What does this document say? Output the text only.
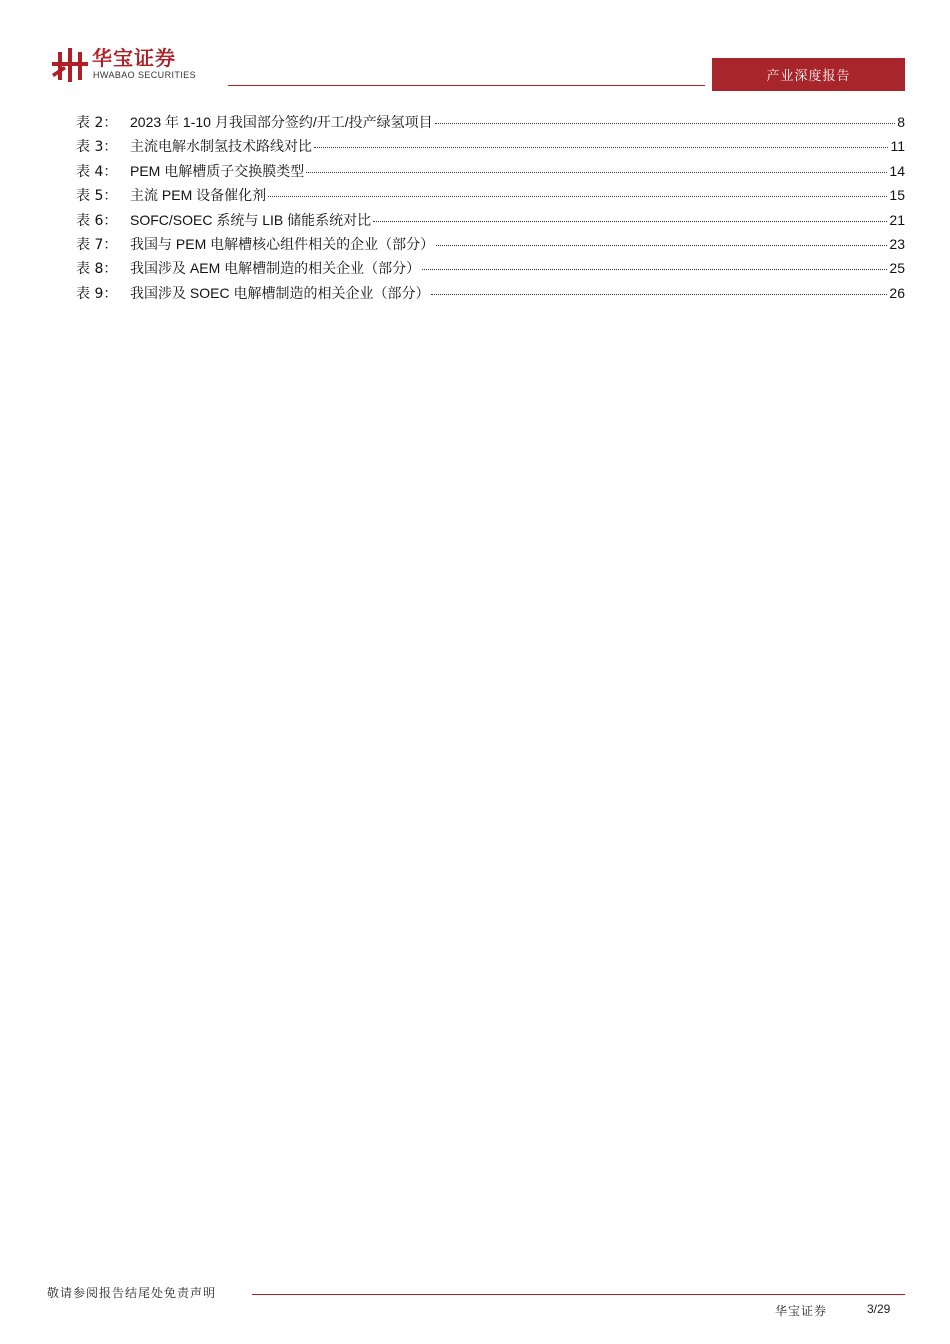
华宝证券
HWABAO SECURITIES	产业深度报告
表 2： 2023 年 1-10 月我国部分签约/开工/投产绿氢项目	8
表 3： 主流电解水制氢技术路线对比	11
表 4： PEM 电解槽质子交换膜类型	14
表 5： 主流 PEM 设备催化剂	15
表 6： SOFC/SOEC 系统与 LIB 储能系统对比	21
表 7： 我国与 PEM 电解槽核心组件相关的企业（部分）	23
表 8： 我国涉及 AEM 电解槽制造的相关企业（部分）	25
表 9： 我国涉及 SOEC 电解槽制造的相关企业（部分）	26
敬请参阅报告结尾处免责声明
华宝证券	3/29
